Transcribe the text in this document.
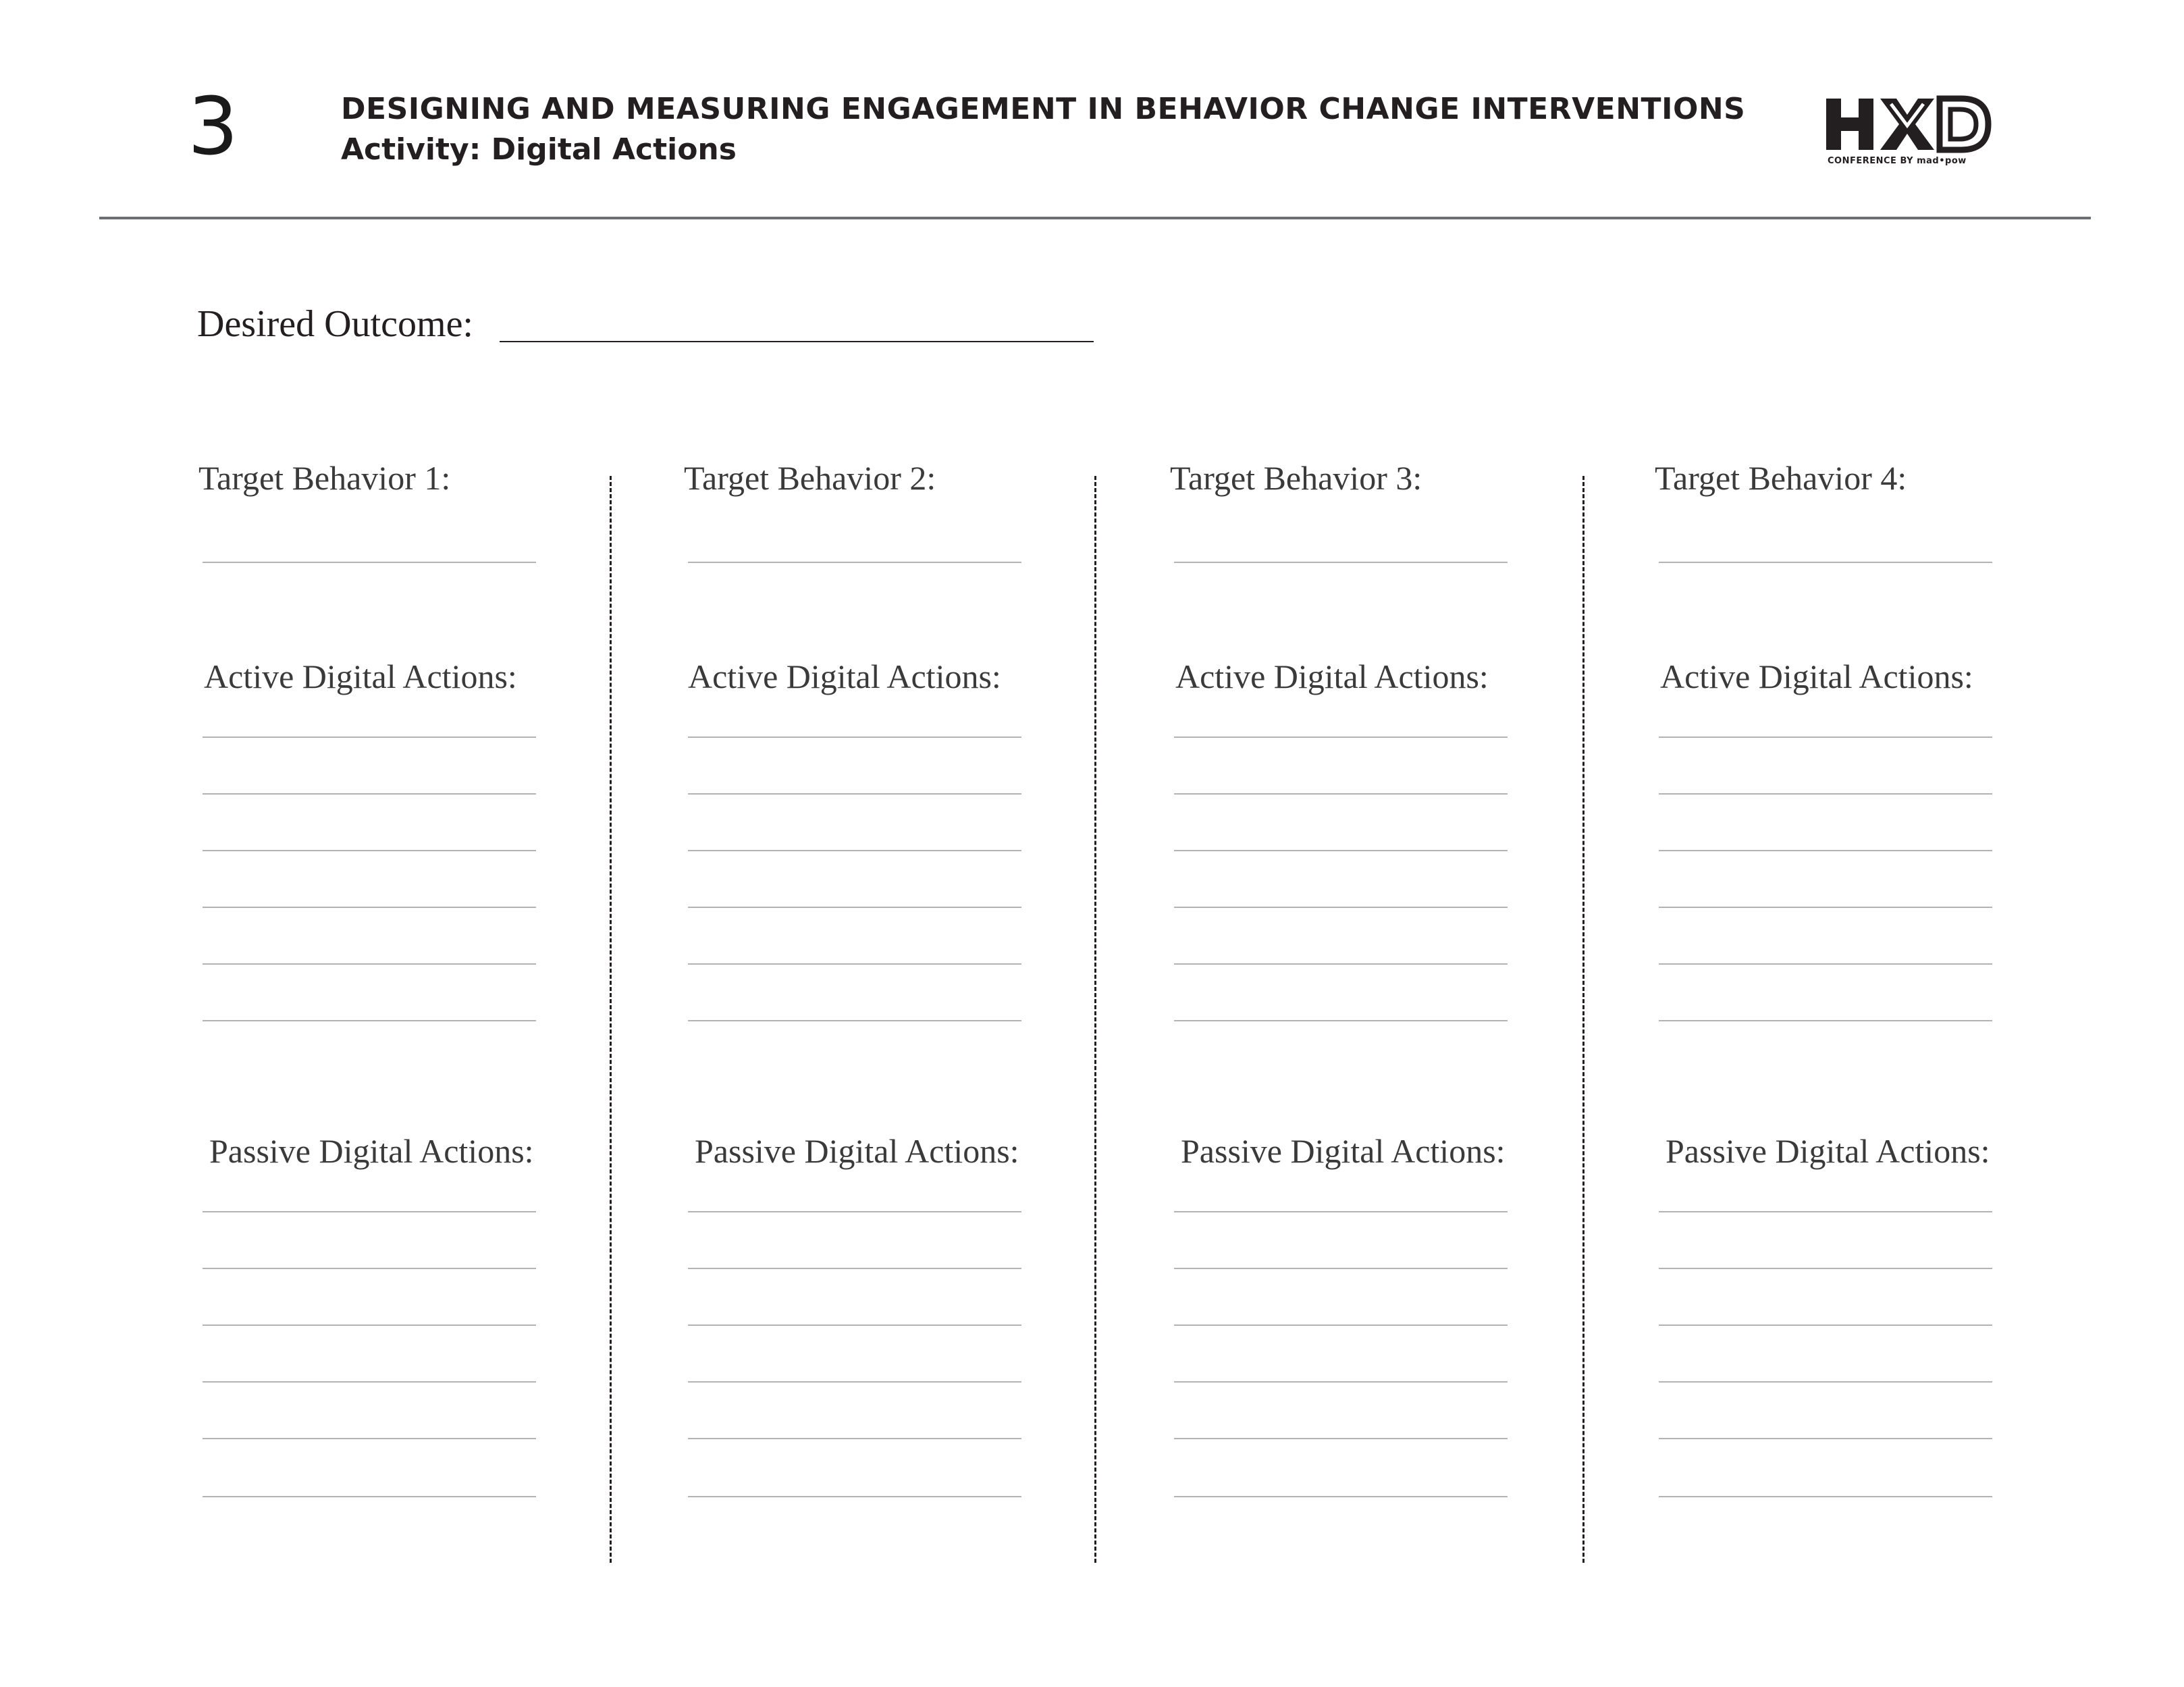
3	DESIGNING AND MEASURING ENGAGEMENT IN BEHAVIOR CHANGE INTERVENTIONS
Activity: Digital Actions	CONFERENCE BY mad•pow
Desired Outcome:
Target Behavior 1:
Active Digital Actions:
Passive Digital Actions:
Target Behavior 2:
Active Digital Actions:
Passive Digital Actions:
Target Behavior 3:
Active Digital Actions:
Passive Digital Actions:
Target Behavior 4:
Active Digital Actions:
Passive Digital Actions:
